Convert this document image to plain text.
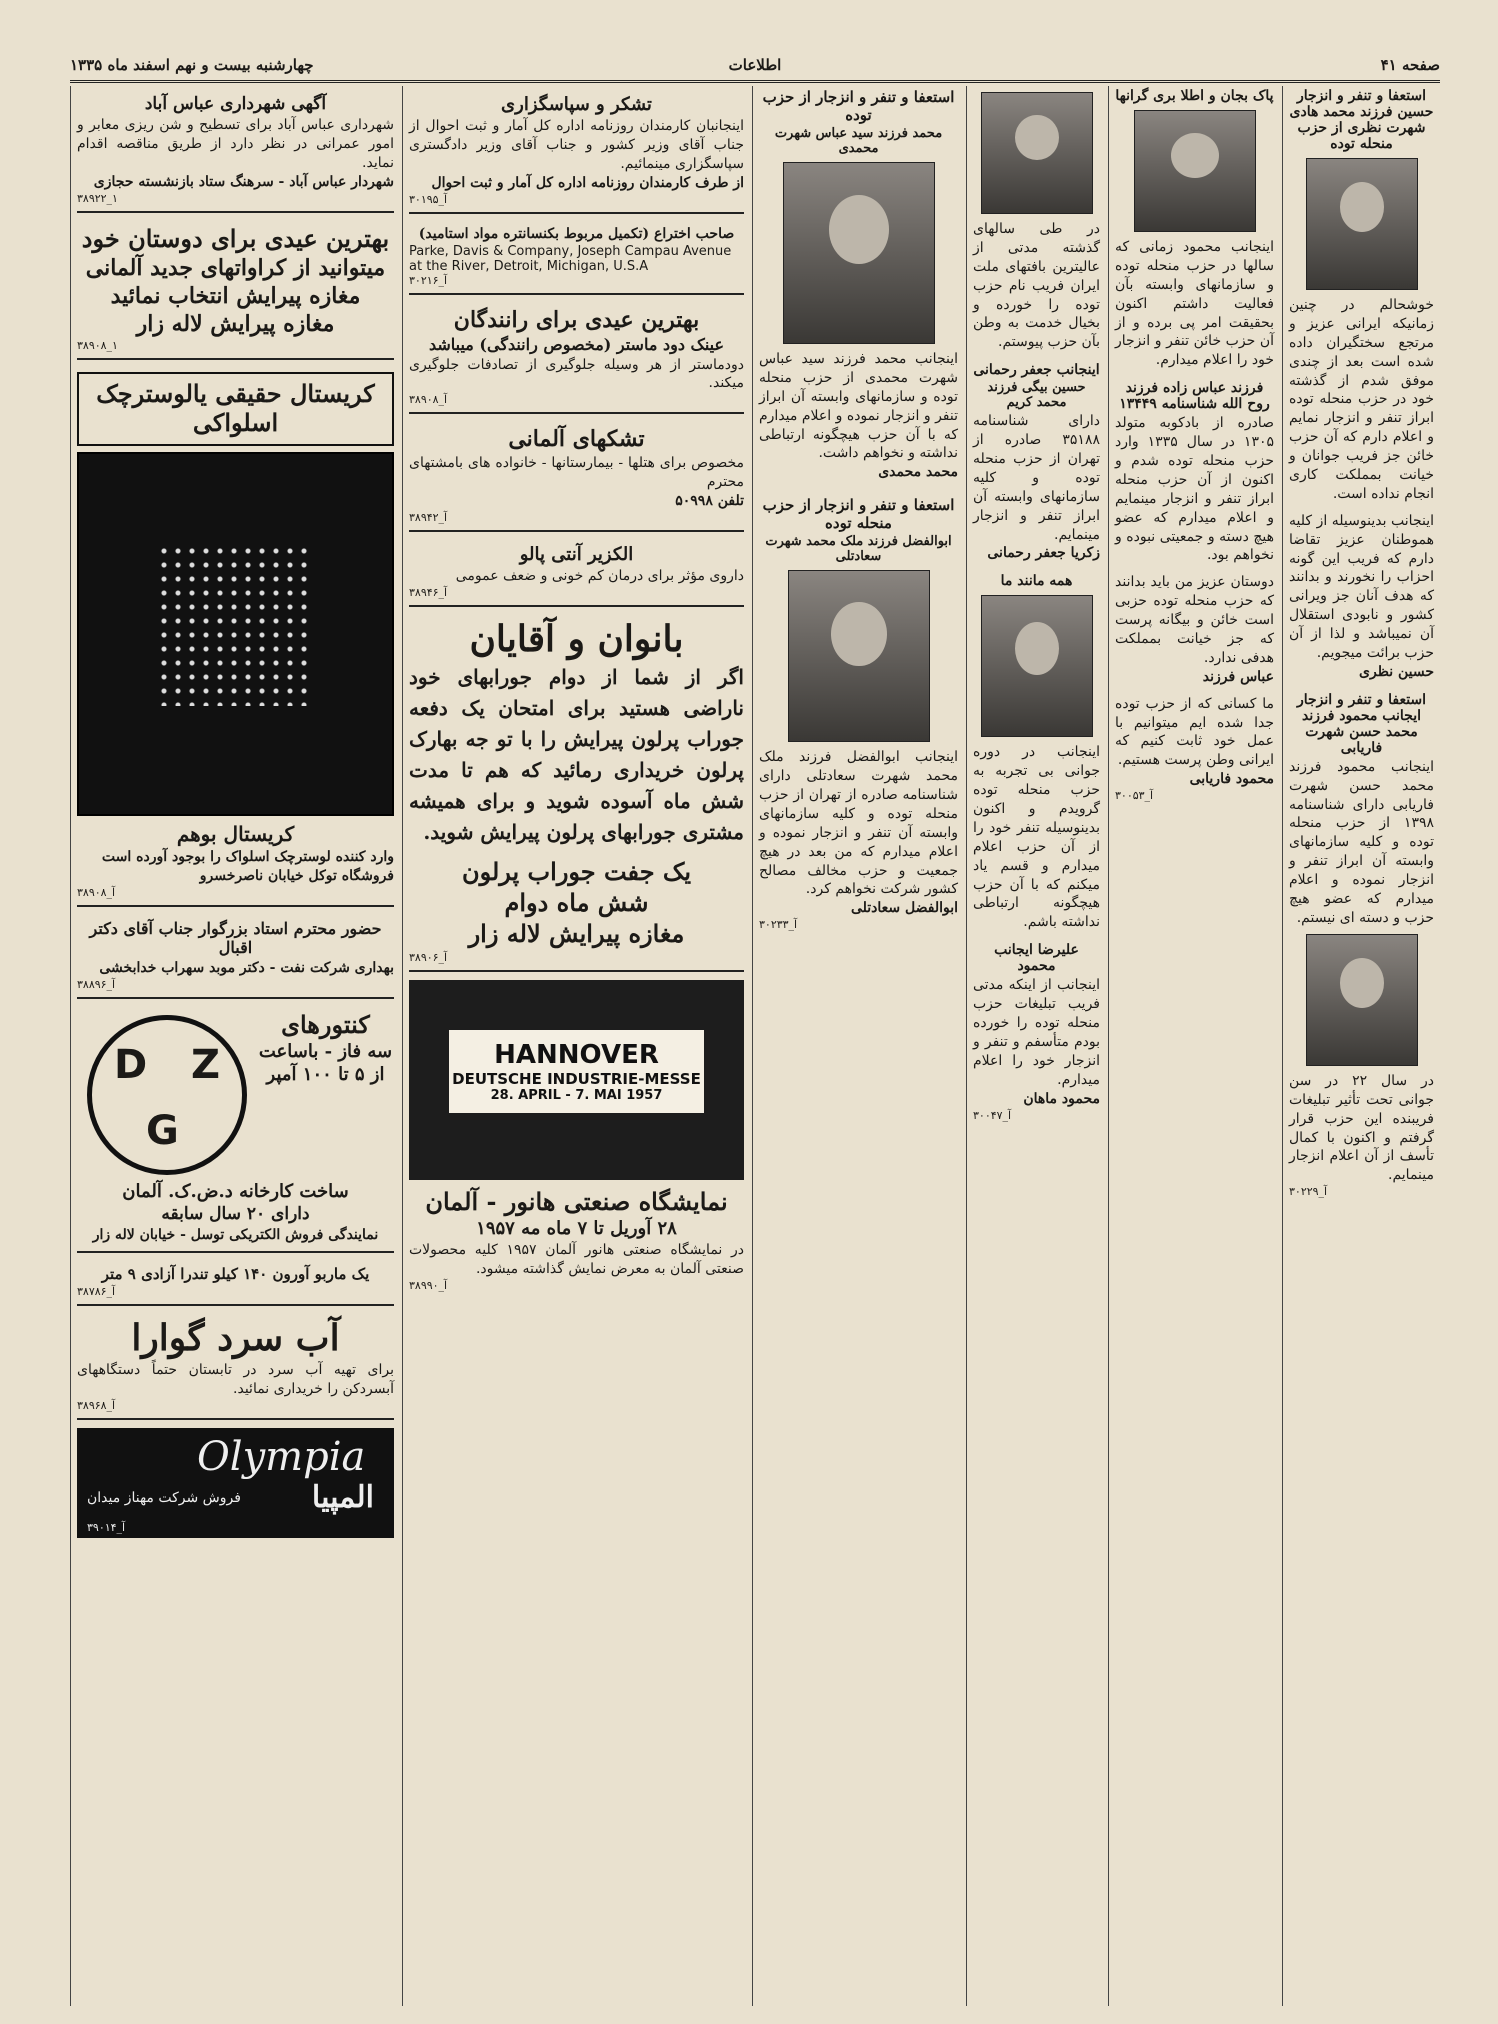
صفحه ۴۱
اطلاعات
چهارشنبه بیست و نهم اسفند ماه ۱۳۳۵
آگهی شهرداری عباس آباد
شهرداری عباس آباد برای تسطیح و شن ریزی معابر و امور عمرانی در نظر دارد از طریق مناقصه اقدام نماید.
شهردار عباس آباد - سرهنگ ستاد بازنشسته حجازی
۳۸۹۲۲_۱
بهترین عیدی برای دوستان خود
میتوانید از کراواتهای جدید آلمانی
مغازه پیرایش انتخاب نمائید
مغازه پیرایش لاله زار
۳۸۹۰۸_۱
کریستال حقیقی یالوسترچک اسلواکی
کریستال بوهم
وارد کننده لوسترچک اسلواک را بوجود آورده است
فروشگاه توکل خیابان ناصرخسرو
۳۸۹۰۸_آ
حضور محترم استاد بزرگوار جناب آقای دکتر اقبال
بهداری شرکت نفت - دکتر موبد سهراب خدابخشی
۳۸۸۹۶_آ
D Z
G
کنتورهای
سه فاز - باساعت
از ۵ تا ۱۰۰ آمپر
ساخت کارخانه د.ض.ک. آلمان
دارای ۲۰ سال سابقه
نمایندگی فروش الکتریکی توسل - خیابان لاله زار
یک ماربو آورون ۱۴۰ کیلو تندرا آزادی ۹ متر
۳۸۷۸۶_آ
آب سرد گوارا
برای تهیه آب سرد در تابستان حتماً دستگاههای آبسردکن را خریداری نمائید.
۳۸۹۶۸_آ
Olympia
المپیا
فروش شرکت مهناز میدان
۳۹۰۱۴_آ
تشکر و سپاسگزاری
اینجانبان کارمندان روزنامه اداره کل آمار و ثبت احوال از جناب آقای وزیر کشور و جناب آقای وزیر دادگستری سپاسگزاری مینمائیم.
از طرف کارمندان روزنامه اداره کل آمار و ثبت احوال
۳۰۱۹۵_آ
صاحب اختراع (تکمیل مربوط بکنسانتره مواد استامید)
Parke, Davis & Company, Joseph Campau Avenue
at the River, Detroit, Michigan, U.S.A
۳۰۲۱۶_آ
بهترین عیدی برای رانندگان
عینک دود ماستر (مخصوص رانندگی) میباشد
دودماستر از هر وسیله جلوگیری از تصادفات جلوگیری میکند.
۳۸۹۰۸_آ
تشکهای آلمانی
مخصوص برای هتلها - بیمارستانها - خانواده های بامشتهای محترم
تلفن ۵۰۹۹۸
۳۸۹۴۲_آ
الکزیر آنتی پالو
داروی مؤثر برای درمان کم خونی و ضعف عمومی
۳۸۹۴۶_آ
بانوان و آقایان
اگر از شما از دوام جورابهای خود ناراضی هستید برای امتحان یک دفعه جوراب پرلون پیرایش را با تو جه بهارک پرلون خریداری رمائید که هم تا مدت شش ماه آسوده شوید و برای همیشه مشتری جورابهای پرلون پیرایش شوید.
یک جفت جوراب پرلون
شش ماه دوام
مغازه پیرایش لاله زار
۳۸۹۰۶_آ
HANNOVER
DEUTSCHE INDUSTRIE-MESSE
28. APRIL - 7. MAI 1957
نمایشگاه صنعتی هانور - آلمان
۲۸ آوریل تا ۷ ماه مه ۱۹۵۷
در نمایشگاه صنعتی هانور آلمان ۱۹۵۷ کلیه محصولات صنعتی آلمان به معرض نمایش گذاشته میشود.
۳۸۹۹۰_آ
استعفا و تنفر و انزجار از حزب توده
محمد فرزند سید عباس شهرت محمدی
اینجانب محمد فرزند سید عباس شهرت محمدی از حزب منحله توده و سازمانهای وابسته آن ابراز تنفر و انزجار نموده و اعلام میدارم که با آن حزب هیچگونه ارتباطی نداشته و نخواهم داشت.
محمد محمدی
استعفا و تنفر و انزجار از حزب منحله توده
ابوالفضل فرزند ملک محمد شهرت سعادتلی
اینجانب ابوالفضل فرزند ملک محمد شهرت سعادتلی دارای شناسنامه صادره از تهران از حزب منحله توده و کلیه سازمانهای وابسته آن تنفر و انزجار نموده و اعلام میدارم که من بعد در هیچ جمعیت و حزب مخالف مصالح کشور شرکت نخواهم کرد.
ابوالفضل سعادتلی
۳۰۲۳۳_آ
در طی سالهای گذشته مدتی از عالیترین بافتهای ملت ایران فریب نام حزب توده را خورده و بخیال خدمت به وطن بآن حزب پیوستم.
اینجانب جعفر رحمانی
حسین بیگی فرزند محمد کریم
دارای شناسنامه ۳۵۱۸۸ صادره از تهران از حزب منحله توده و کلیه سازمانهای وابسته آن ابراز تنفر و انزجار مینمایم.
زکریا جعفر رحمانی
همه مانند ما
اینجانب در دوره جوانی بی تجربه به حزب منحله توده گرویدم و اکنون بدینوسیله تنفر خود را از آن حزب اعلام میدارم و قسم یاد میکنم که با آن حزب هیچگونه ارتباطی نداشته باشم.
علیرضا ایجانب محمود
اینجانب از اینکه مدتی فریب تبلیغات حزب منحله توده را خورده بودم متأسفم و تنفر و انزجار خود را اعلام میدارم.
محمود ماهان
۳۰۰۴۷_آ
پاک بجان و اطلا بری گرانها
اینجانب محمود زمانی که سالها در حزب منحله توده و سازمانهای وابسته بآن فعالیت داشتم اکنون بحقیقت امر پی برده و از آن حزب خائن تنفر و انزجار خود را اعلام میدارم.
فرزند عباس زاده فرزند روح الله شناسنامه ۱۳۴۴۹
صادره از بادکوبه متولد ۱۳۰۵ در سال ۱۳۳۵ وارد حزب منحله توده شدم و اکنون از آن حزب منحله ابراز تنفر و انزجار مینمایم و اعلام میدارم که عضو هیچ دسته و جمعیتی نبوده و نخواهم بود.
دوستان عزیز من باید بدانند که حزب منحله توده حزبی است خائن و بیگانه پرست که جز خیانت بمملکت هدفی ندارد.
عباس فرزند
ما کسانی که از حزب توده جدا شده ایم میتوانیم با عمل خود ثابت کنیم که ایرانی وطن پرست هستیم.
محمود فاریابی
۳۰۰۵۳_آ
استعفا و تنفر و انزجار حسین فرزند محمد هادی شهرت نظری از حزب منحله توده
خوشحالم در چنین زمانیکه ایرانی عزیز و مرتجع سختگیران داده شده است بعد از چندی موفق شدم از گذشته خود در حزب منحله توده ابراز تنفر و انزجار نمایم و اعلام دارم که آن حزب خائن جز فریب جوانان و خیانت بمملکت کاری انجام نداده است.
اینجانب بدینوسیله از کلیه هموطنان عزیز تقاضا دارم که فریب این گونه احزاب را نخورند و بدانند که هدف آنان جز ویرانی کشور و نابودی استقلال آن نمیباشد و لذا از آن حزب برائت میجویم.
حسین نظری
استعفا و تنفر و انزجار ایجانب محمود فرزند محمد حسن شهرت فاریابی
اینجانب محمود فرزند محمد حسن شهرت فاریابی دارای شناسنامه ۱۳۹۸ از حزب منحله توده و کلیه سازمانهای وابسته آن ابراز تنفر و انزجار نموده و اعلام میدارم که عضو هیچ حزب و دسته ای نیستم.
در سال ۲۲ در سن جوانی تحت تأثیر تبلیغات فریبنده این حزب قرار گرفتم و اکنون با کمال تأسف از آن اعلام انزجار مینمایم.
۳۰۲۲۹_آ
